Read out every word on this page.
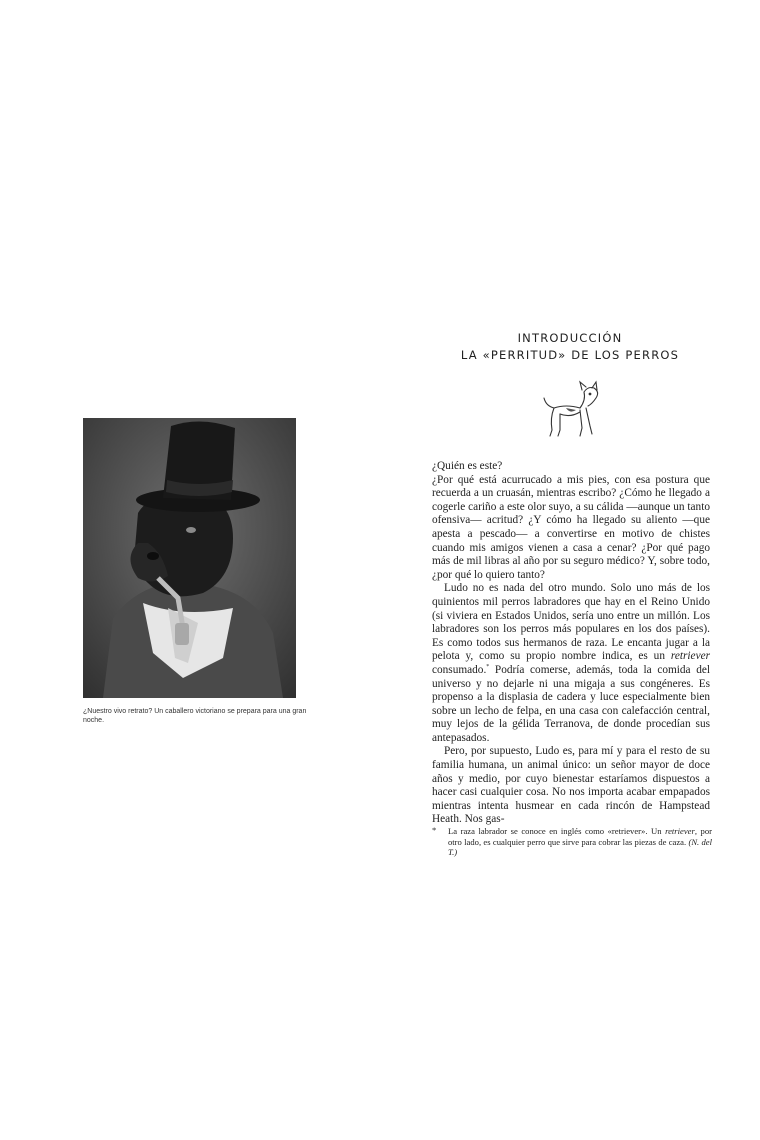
¿Nuestro vivo retrato? Un caballero victoriano se prepara para una gran noche.
INTRODUCCIÓN
LA «PERRITUD» DE LOS PERROS

¿Quién es este?

¿Por qué está acurrucado a mis pies, con esa postura que recuerda a un cruasán, mientras escribo? ¿Cómo he llegado a cogerle cariño a este olor suyo, a su cálida —aunque un tanto ofensiva— acritud? ¿Y cómo ha llegado su aliento —que apesta a pescado— a convertirse en motivo de chistes cuando mis amigos vienen a casa a cenar? ¿Por qué pago más de mil libras al año por su seguro médico? Y, sobre todo, ¿por qué lo quiero tanto?

Ludo no es nada del otro mundo. Solo uno más de los quinientos mil perros labradores que hay en el Reino Unido (si viviera en Estados Unidos, sería uno entre un millón. Los labradores son los perros más populares en los dos países). Es como todos sus hermanos de raza. Le encanta jugar a la pelota y, como su propio nombre indica, es un retriever consumado.* Podría comerse, además, toda la comida del universo y no dejarle ni una migaja a sus congéneres. Es propenso a la displasia de cadera y luce especialmente bien sobre un lecho de felpa, en una casa con calefacción central, muy lejos de la gélida Terranova, de donde procedían sus antepasados.

Pero, por supuesto, Ludo es, para mí y para el resto de su familia humana, un animal único: un señor mayor de doce años y medio, por cuyo bienestar estaríamos dispuestos a hacer casi cualquier cosa. No nos importa acabar empapados mientras intenta husmear en cada rincón de Hampstead Heath. Nos gas-

* La raza labrador se conoce en inglés como «retriever». Un retriever, por otro lado, es cualquier perro que sirve para cobrar las piezas de caza. (N. del T.)
